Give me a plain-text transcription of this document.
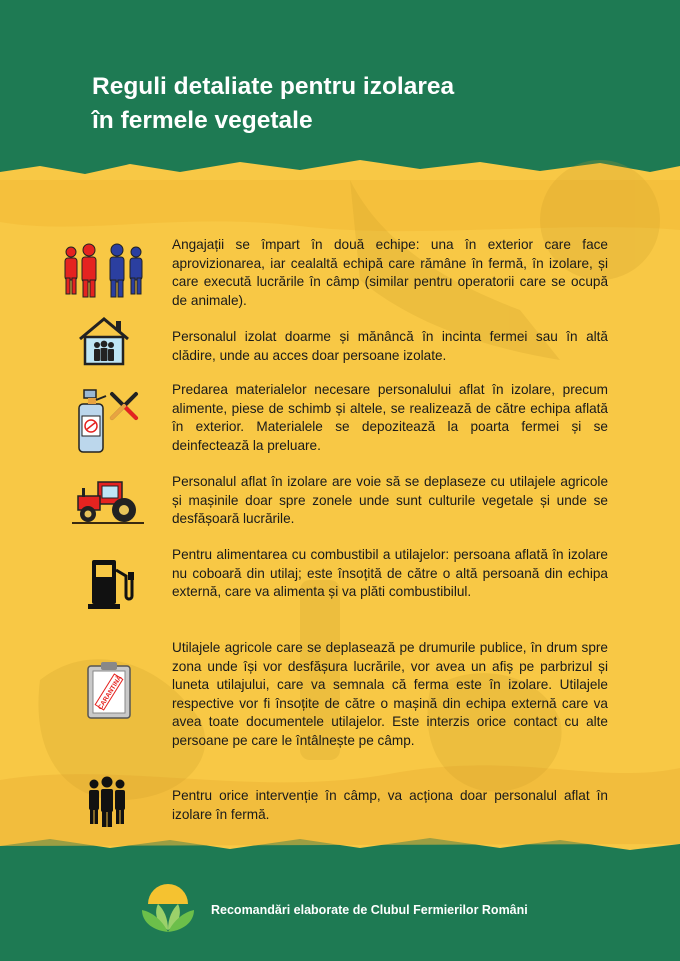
Reguli detaliate pentru izolarea
în fermele vegetale

Angajații se împart în două echipe: una în exterior care face aprovizionarea, iar cealaltă echipă care rămâne în fermă, în izolare, și care execută lucrările în câmp (similar pentru operatorii care se ocupă de animale).

Personalul izolat doarme și mănâncă în incinta fermei sau în altă clădire, unde au acces doar persoane izolate.

Predarea materialelor necesare personalului aflat în izolare, precum alimente, piese de schimb și altele, se realizează de către echipa aflată în exterior. Materialele se depozitează la poarta fermei și se deinfectează la preluare.

Personalul aflat în izolare are voie să se deplaseze cu utilajele agricole și mașinile doar spre zonele unde sunt culturile vegetale și unde se desfășoară lucrările.

Pentru alimentarea cu combustibil a utilajelor: persoana aflată în izolare nu coboară din utilaj; este însoțită de către o altă persoană din echipa externă, care va alimenta și va plăti combustibilul.

CARANTINĂ

Utilajele agricole care se deplasează pe drumurile publice, în drum spre zona unde își vor desfășura lucrările, vor avea un afiș pe parbrizul și luneta utilajului, care va semnala că ferma este în izolare. Utilajele respective vor fi însoțite de către o mașină din echipa externă care va avea toate documentele utilajelor. Este interzis orice contact cu alte persoane pe care le întâlnește pe câmp.

Pentru orice intervenție în câmp, va acționa doar personalul aflat în izolare în fermă.

Recomandări elaborate de Clubul Fermierilor Români
